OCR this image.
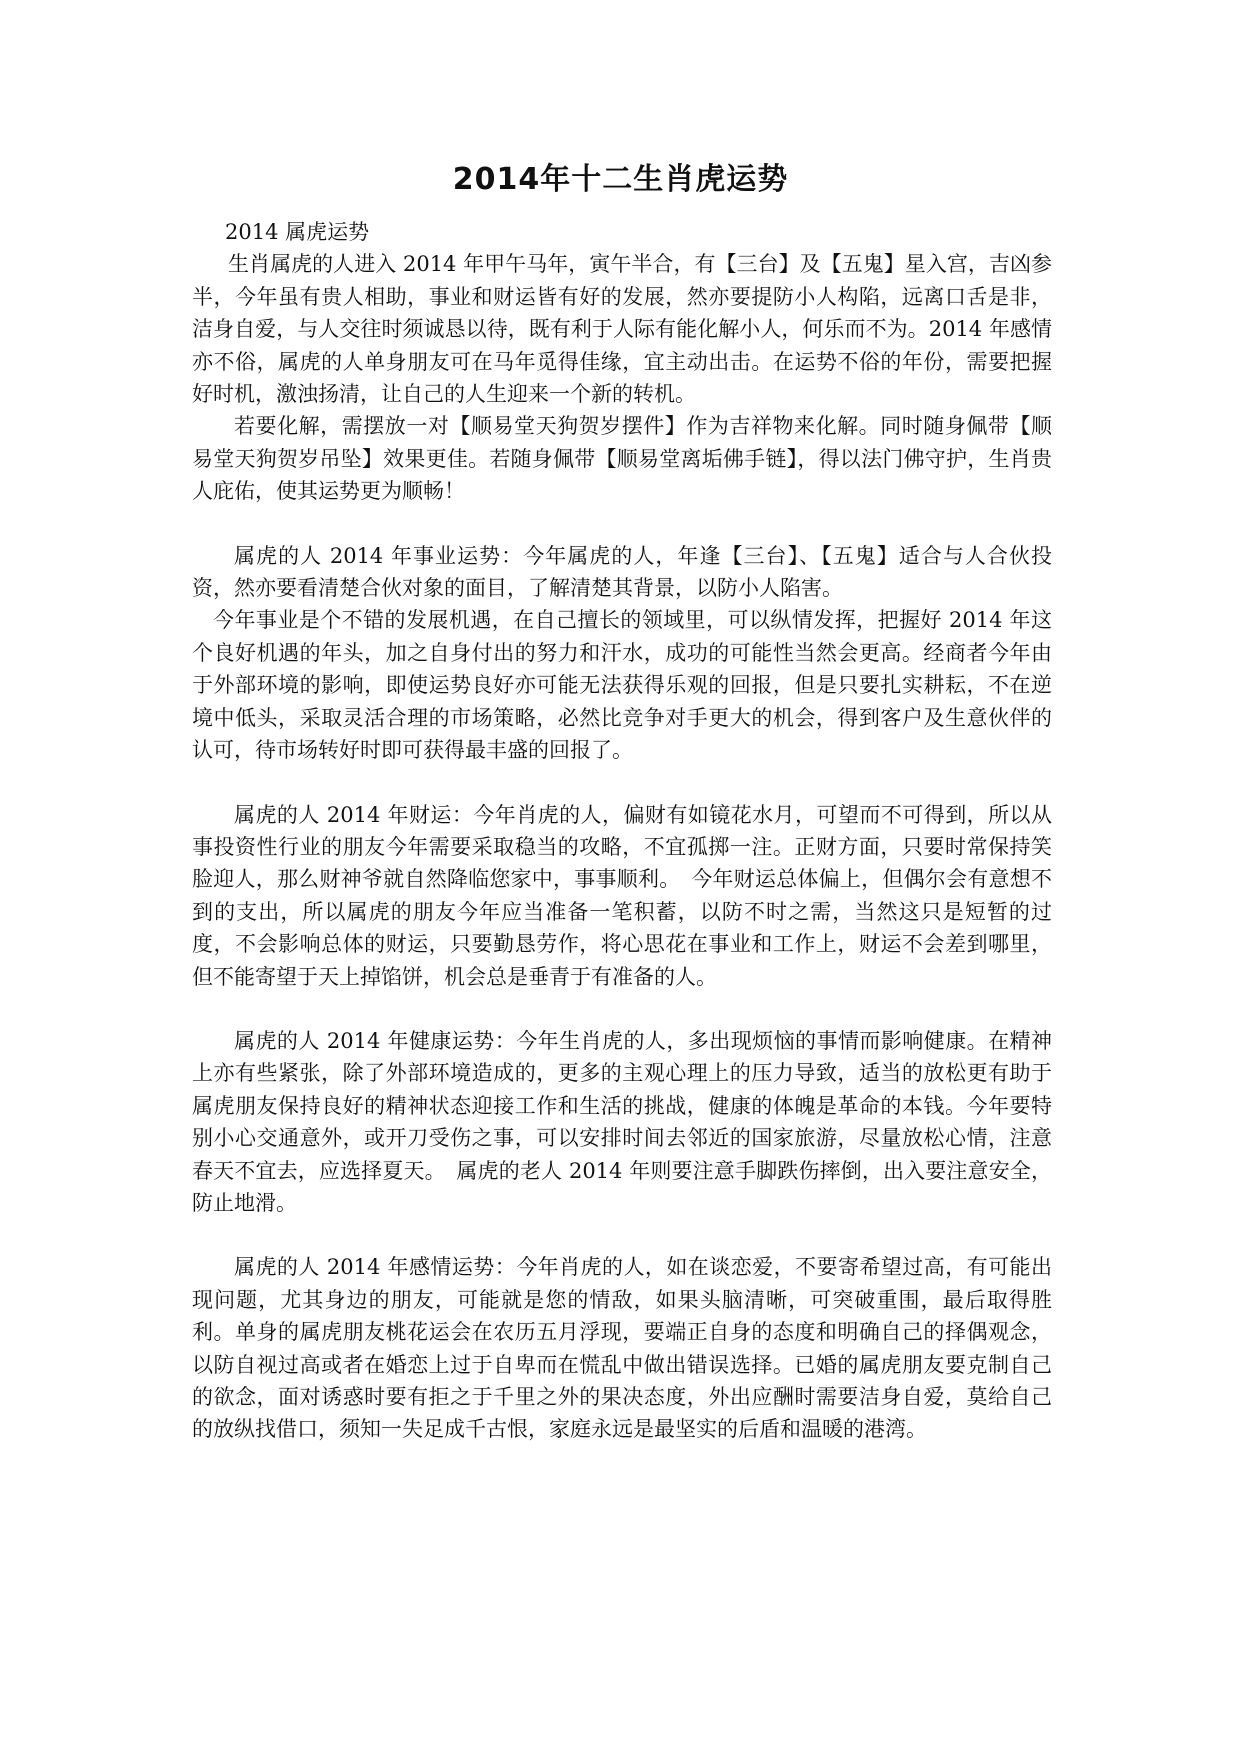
2014年十二生肖虎运势

2014 属虎运势

生肖属虎的人进入 2014 年甲午马年，寅午半合，有【三台】及【五鬼】星入宫，吉凶参半，今年虽有贵人相助，事业和财运皆有好的发展，然亦要提防小人构陷，远离口舌是非，洁身自爱，与人交往时须诚恳以待，既有利于人际有能化解小人，何乐而不为。2014 年感情亦不俗，属虎的人单身朋友可在马年觅得佳缘，宜主动出击。在运势不俗的年份，需要把握好时机，激浊扬清，让自己的人生迎来一个新的转机。

若要化解，需摆放一对【顺易堂天狗贺岁摆件】作为吉祥物来化解。同时随身佩带【顺易堂天狗贺岁吊坠】效果更佳。若随身佩带【顺易堂离垢佛手链】，得以法门佛守护，生肖贵人庇佑，使其运势更为顺畅！

属虎的人 2014 年事业运势：今年属虎的人，年逢【三台】、【五鬼】适合与人合伙投资，然亦要看清楚合伙对象的面目，了解清楚其背景，以防小人陷害。

今年事业是个不错的发展机遇，在自己擅长的领域里，可以纵情发挥，把握好 2014 年这个良好机遇的年头，加之自身付出的努力和汗水，成功的可能性当然会更高。经商者今年由于外部环境的影响，即使运势良好亦可能无法获得乐观的回报，但是只要扎实耕耘，不在逆境中低头，采取灵活合理的市场策略，必然比竞争对手更大的机会，得到客户及生意伙伴的认可，待市场转好时即可获得最丰盛的回报了。

属虎的人 2014 年财运：今年肖虎的人，偏财有如镜花水月，可望而不可得到，所以从事投资性行业的朋友今年需要采取稳当的攻略，不宜孤掷一注。正财方面，只要时常保持笑脸迎人，那么财神爷就自然降临您家中，事事顺利。　今年财运总体偏上，但偶尔会有意想不到的支出，所以属虎的朋友今年应当准备一笔积蓄，以防不时之需，当然这只是短暂的过度，不会影响总体的财运，只要勤恳劳作，将心思花在事业和工作上，财运不会差到哪里，但不能寄望于天上掉馅饼，机会总是垂青于有准备的人。

属虎的人 2014 年健康运势：今年生肖虎的人，多出现烦恼的事情而影响健康。在精神上亦有些紧张，除了外部环境造成的，更多的主观心理上的压力导致，适当的放松更有助于属虎朋友保持良好的精神状态迎接工作和生活的挑战，健康的体魄是革命的本钱。今年要特别小心交通意外，或开刀受伤之事，可以安排时间去邻近的国家旅游，尽量放松心情，注意春天不宜去，应选择夏天。　属虎的老人 2014 年则要注意手脚跌伤摔倒，出入要注意安全，防止地滑。

属虎的人 2014 年感情运势：今年肖虎的人，如在谈恋爱，不要寄希望过高，有可能出现问题，尤其身边的朋友，可能就是您的情敌，如果头脑清晰，可突破重围，最后取得胜利。单身的属虎朋友桃花运会在农历五月浮现，要端正自身的态度和明确自己的择偶观念，以防自视过高或者在婚恋上过于自卑而在慌乱中做出错误选择。已婚的属虎朋友要克制自己的欲念，面对诱惑时要有拒之于千里之外的果决态度，外出应酬时需要洁身自爱，莫给自己的放纵找借口，须知一失足成千古恨，家庭永远是最坚实的后盾和温暖的港湾。
